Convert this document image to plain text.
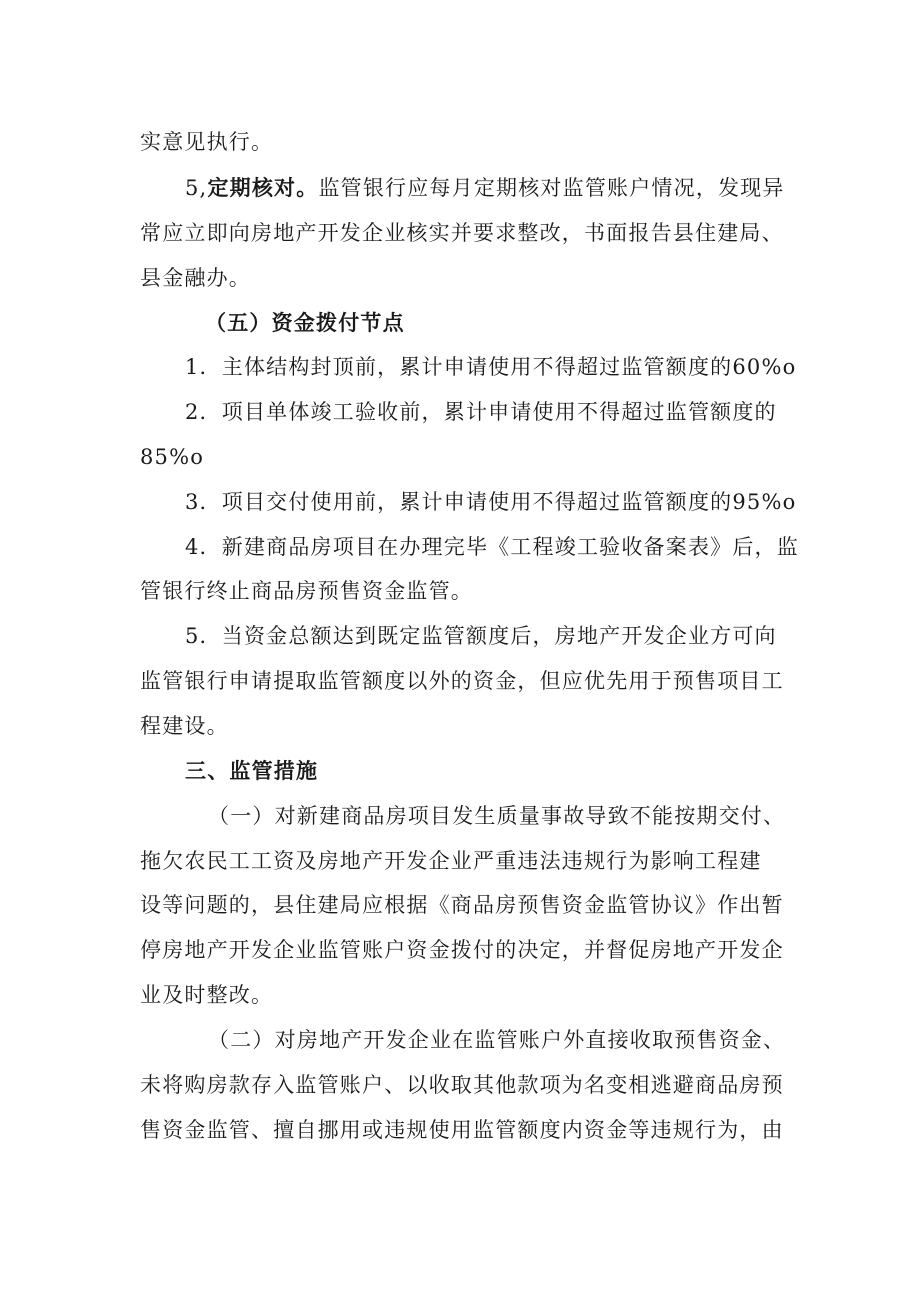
实意见执行。
5,定期核对。监管银行应每月定期核对监管账户情况，发现异
常应立即向房地产开发企业核实并要求整改，书面报告县住建局、
县金融办。
（五）资金拨付节点
1．主体结构封顶前，累计申请使用不得超过监管额度的60%o
2．项目单体竣工验收前，累计申请使用不得超过监管额度的
85%o
3．项目交付使用前，累计申请使用不得超过监管额度的95%o
4．新建商品房项目在办理完毕《工程竣工验收备案表》后，监
管银行终止商品房预售资金监管。
5．当资金总额达到既定监管额度后，房地产开发企业方可向
监管银行申请提取监管额度以外的资金，但应优先用于预售项目工
程建设。
三、监管措施
（一）对新建商品房项目发生质量事故导致不能按期交付、
拖欠农民工工资及房地产开发企业严重违法违规行为影响工程建
设等问题的，县住建局应根据《商品房预售资金监管协议》作出暂
停房地产开发企业监管账户资金拨付的决定，并督促房地产开发企
业及时整改。
（二）对房地产开发企业在监管账户外直接收取预售资金、
未将购房款存入监管账户、以收取其他款项为名变相逃避商品房预
售资金监管、擅自挪用或违规使用监管额度内资金等违规行为，由
